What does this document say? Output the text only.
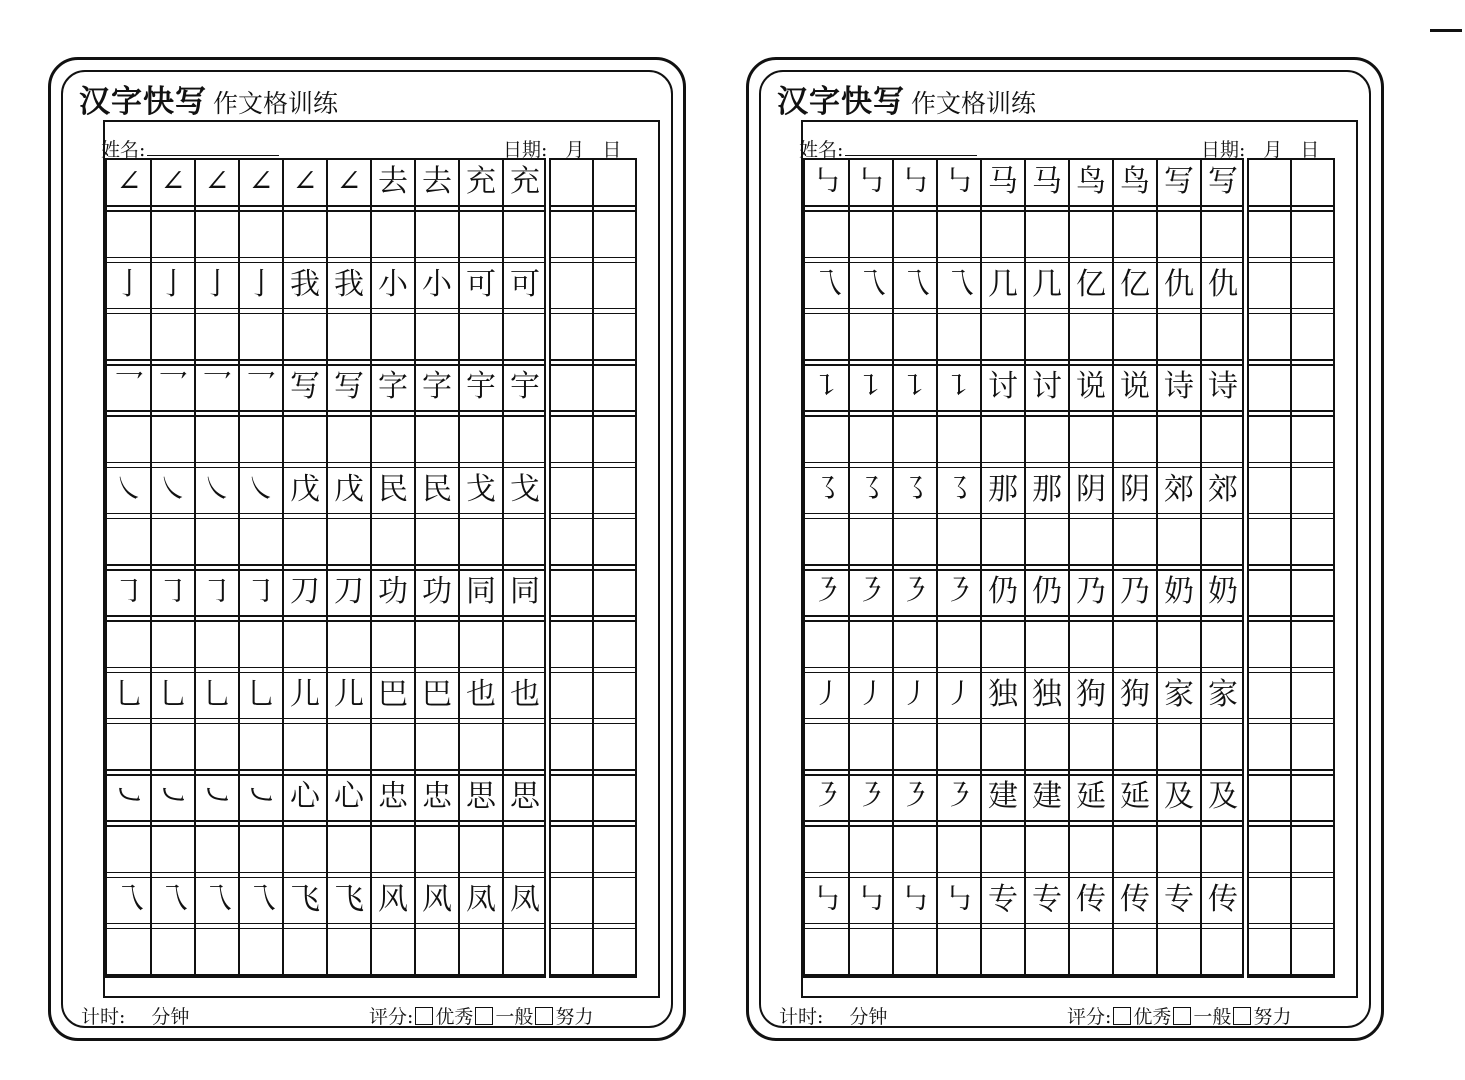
汉字快写 作文格训练
姓名:	日期: 月 日
∠ ∠ ∠ ∠ ∠ ∠ 去 去 充 充
亅 亅 亅 亅 我 我 小 小 可 可
乛 乛 乛 乛 写 写 字 字 宇 宇
㇏ ㇏ ㇏ ㇏ 戊 戊 民 民 戈 戈
㇆ ㇆ ㇆ ㇆ 刀 刀 功 功 同 同
乚 乚 乚 乚 儿 儿 巴 巴 也 也
㇃ ㇃ ㇃ ㇃ 心 心 忠 忠 思 思
乁 乁 乁 乁 飞 飞 风 风 凤 凤
计时: 分钟	评分: 优秀 一般 努力
汉字快写 作文格训练
姓名:	日期: 月 日
㇉ ㇉ ㇉ ㇉ 马 马 鸟 鸟 写 写
乁 乁 乁 乁 几 几 亿 亿 仇 仇
㇊ ㇊ ㇊ ㇊ 讨 讨 说 说 诗 诗
㇌ ㇌ ㇌ ㇌ 那 那 阴 阴 郊 郊
㇋ ㇋ ㇋ ㇋ 仍 仍 乃 乃 奶 奶
㇓ ㇓ ㇓ ㇓ 独 独 狗 狗 家 家
㇋ ㇋ ㇋ ㇋ 建 建 延 延 及 及
㇉ ㇉ ㇉ ㇉ 专 专 传 传 专 传
计时: 分钟	评分: 优秀 一般 努力
